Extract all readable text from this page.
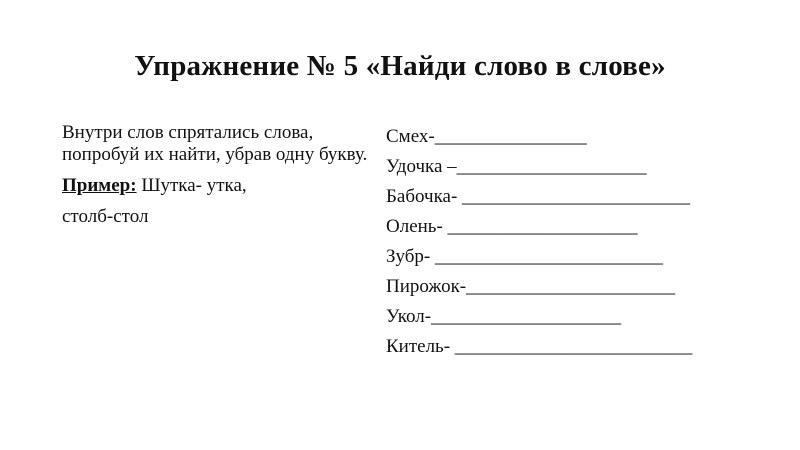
Упражнение № 5 «Найди слово в слове»

Внутри слов спрятались слова, попробуй их найти, убрав одну букву.

Пример: Шутка- утка,

столб-стол

Смех-________________
Удочка –____________________
Бабочка- ________________________
Олень- ____________________
Зубр- ________________________
Пирожок-______________________
Укол-____________________
Китель- _________________________
